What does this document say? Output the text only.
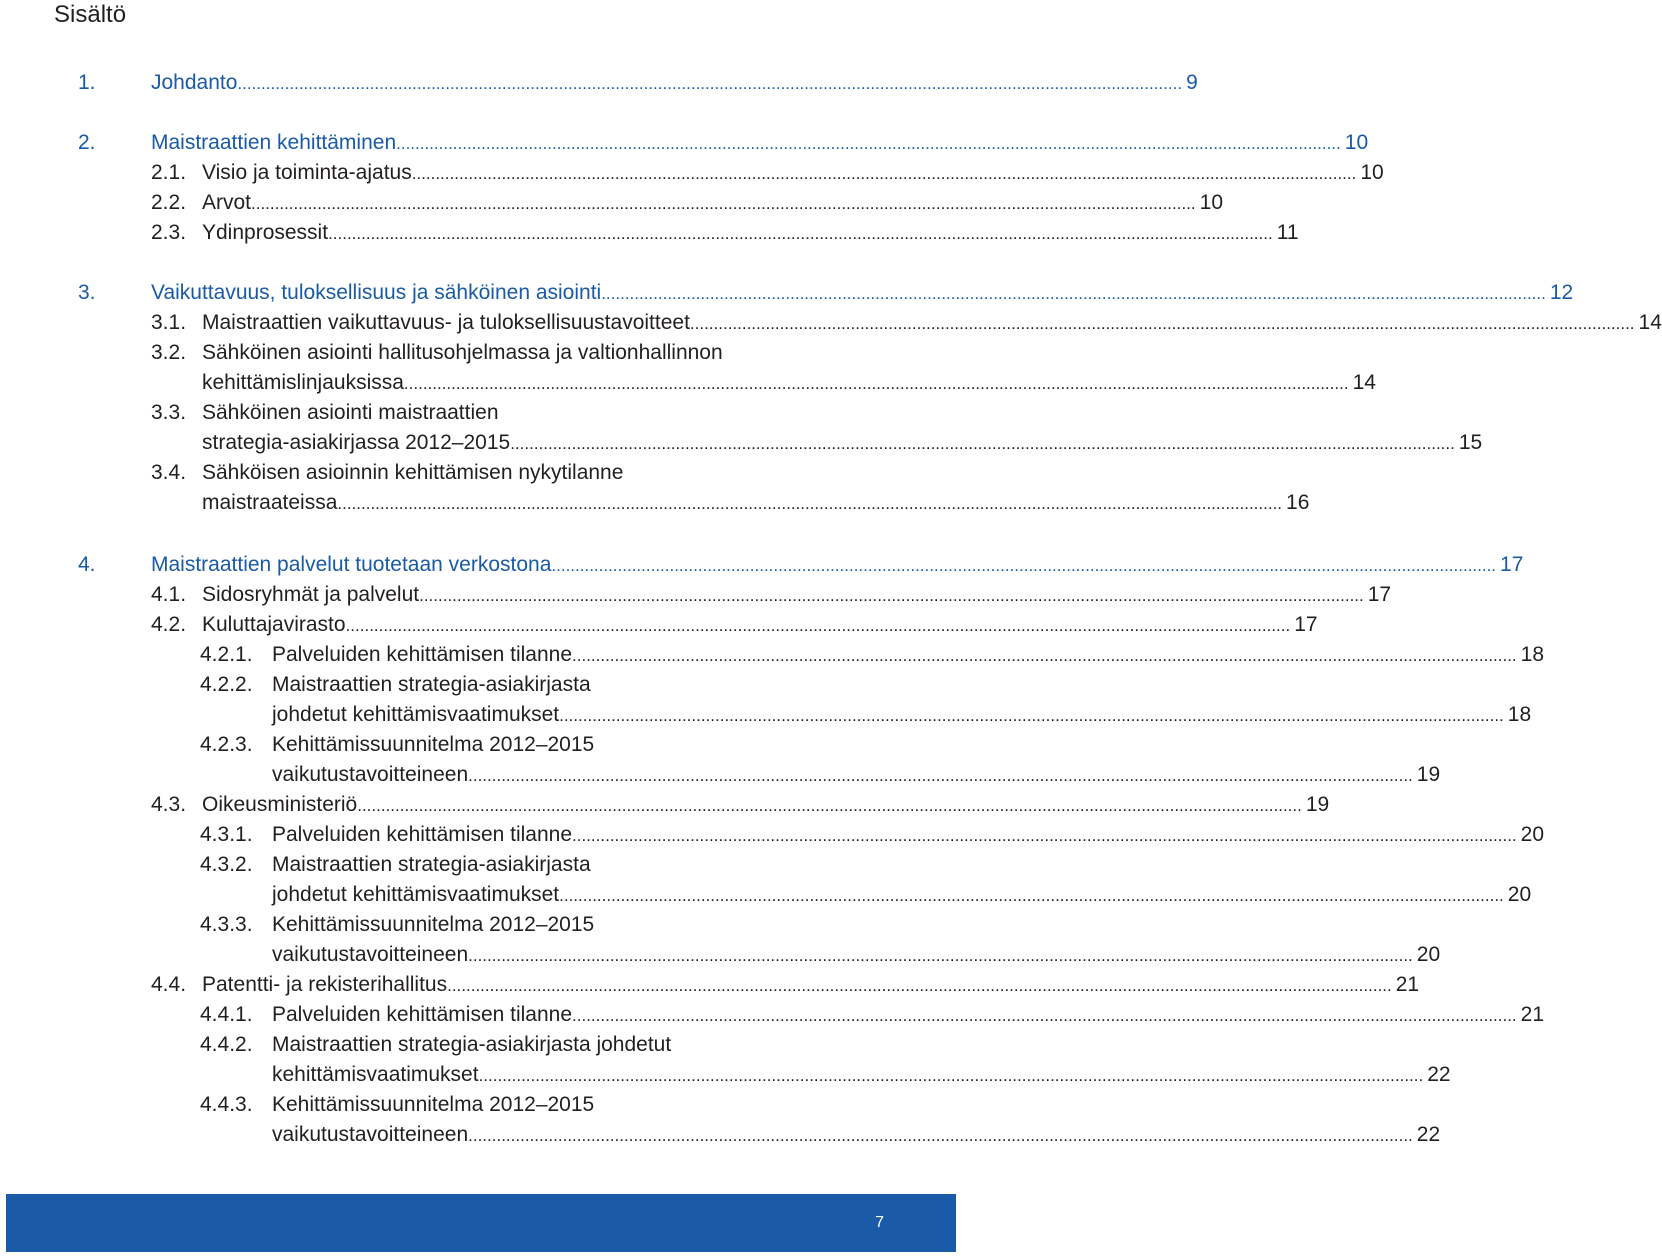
Sisältö
1.	Johdanto ........................................................................................................................................................................................................ 9
2.	Maistraattien kehittäminen ........................................................................................................................................................................................................ 10
2.1. Visio ja toiminta-ajatus ........................................................................................................................................................................................................ 10
2.2. Arvot ........................................................................................................................................................................................................ 10
2.3. Ydinprosessit ........................................................................................................................................................................................................ 11
3.	Vaikuttavuus, tuloksellisuus ja sähköinen asiointi ........................................................................................................................................................................................................ 12
3.1. Maistraattien vaikuttavuus- ja tuloksellisuustavoitteet ........................................................................................................................................................................................................ 14
3.2. Sähköinen asiointi hallitusohjelmassa ja valtionhallinnon
kehittämislinjauksissa ........................................................................................................................................................................................................ 14
3.3. Sähköinen asiointi maistraattien
strategia-asiakirjassa 2012–2015 ........................................................................................................................................................................................................ 15
3.4. Sähköisen asioinnin kehittämisen nykytilanne
maistraateissa ........................................................................................................................................................................................................ 16
4.	Maistraattien palvelut tuotetaan verkostona ........................................................................................................................................................................................................ 17
4.1. Sidosryhmät ja palvelut ........................................................................................................................................................................................................ 17
4.2. Kuluttajavirasto ........................................................................................................................................................................................................ 17
4.2.1. Palveluiden kehittämisen tilanne ........................................................................................................................................................................................................ 18
4.2.2. Maistraattien strategia-asiakirjasta
johdetut kehittämisvaatimukset ........................................................................................................................................................................................................ 18
4.2.3. Kehittämissuunnitelma 2012–2015
vaikutustavoitteineen ........................................................................................................................................................................................................ 19
4.3. Oikeusministeriö ........................................................................................................................................................................................................ 19
4.3.1. Palveluiden kehittämisen tilanne ........................................................................................................................................................................................................ 20
4.3.2. Maistraattien strategia-asiakirjasta
johdetut kehittämisvaatimukset ........................................................................................................................................................................................................ 20
4.3.3. Kehittämissuunnitelma 2012–2015
vaikutustavoitteineen ........................................................................................................................................................................................................ 20
4.4. Patentti- ja rekisterihallitus ........................................................................................................................................................................................................ 21
4.4.1. Palveluiden kehittämisen tilanne ........................................................................................................................................................................................................ 21
4.4.2. Maistraattien strategia-asiakirjasta johdetut
kehittämisvaatimukset ........................................................................................................................................................................................................ 22
4.4.3. Kehittämissuunnitelma 2012–2015
vaikutustavoitteineen ........................................................................................................................................................................................................ 22
7
